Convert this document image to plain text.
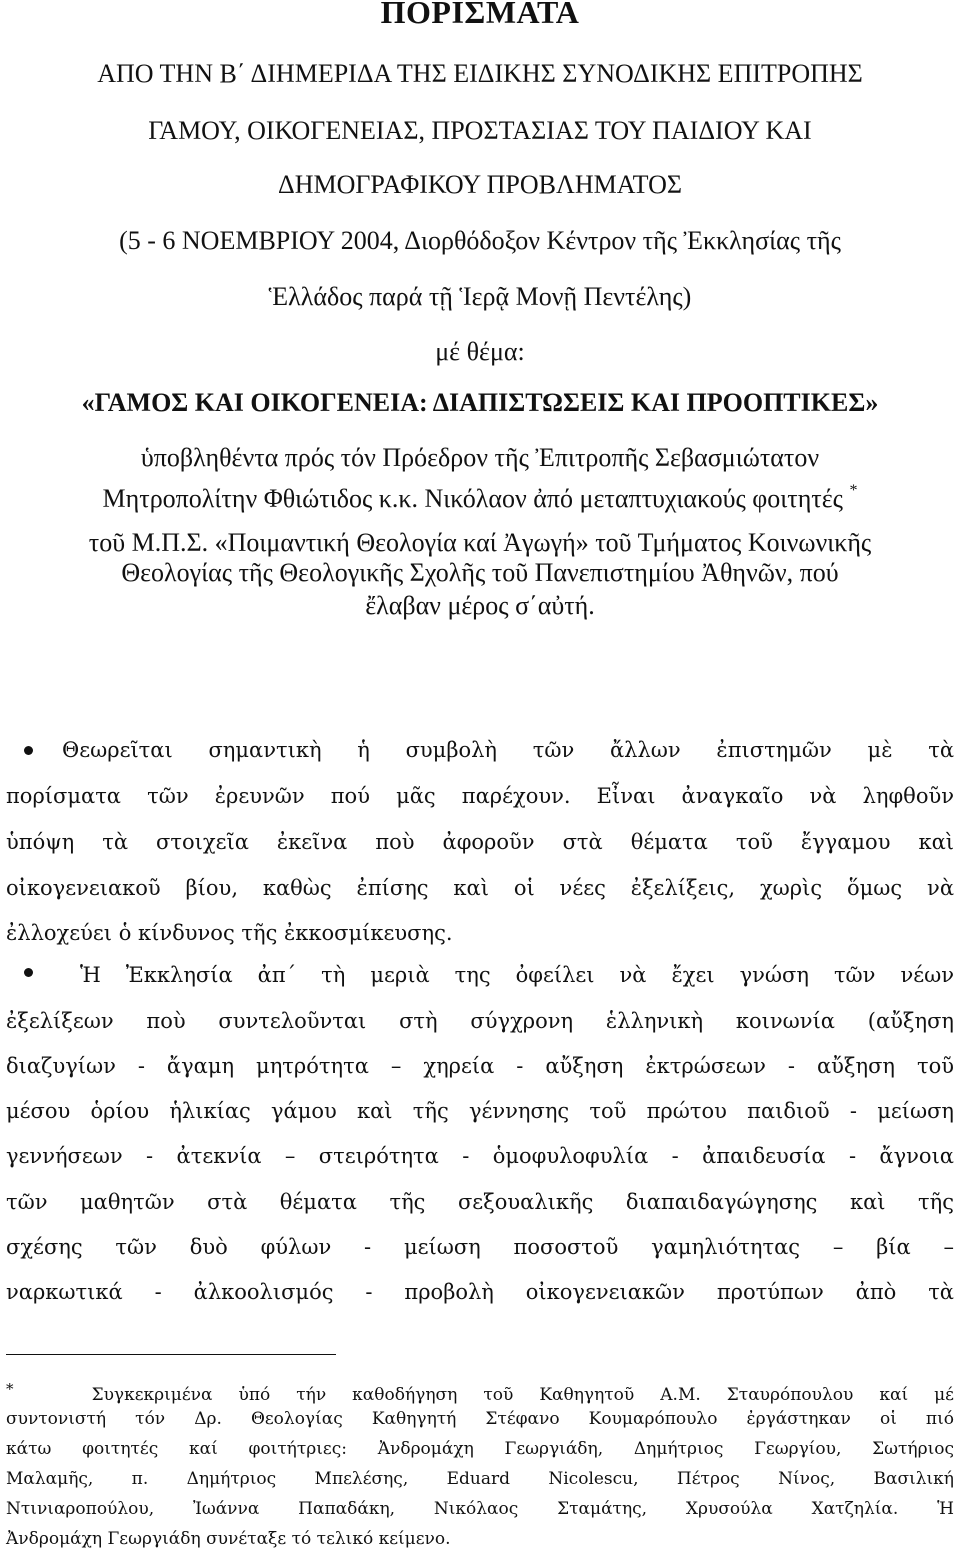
ΠΟΡΙΣΜΑΤΑ
ΑΠΟ ΤΗΝ Β΄ ΔΙΗΜΕΡΙΔΑ ΤΗΣ ΕΙΔΙΚΗΣ ΣΥΝΟΔΙΚΗΣ ΕΠΙΤΡΟΠΗΣ
ΓΑΜΟΥ, ΟΙΚΟΓΕΝΕΙΑΣ, ΠΡΟΣΤΑΣΙΑΣ ΤΟΥ ΠΑΙΔΙΟΥ ΚΑΙ
ΔΗΜΟΓΡΑΦΙΚΟΥ ΠΡΟΒΛΗΜΑΤΟΣ
(5 - 6 ΝΟΕΜΒΡΙΟΥ 2004, Διορθόδοξον Κέντρον τῆς Ἐκκλησίας τῆς
Ἑλλάδος παρά τῇ Ἱερᾷ Μονῇ Πεντέλης)
μέ θέμα:
«ΓΑΜΟΣ ΚΑΙ ΟΙΚΟΓΕΝΕΙΑ: ΔΙΑΠΙΣΤΩΣΕΙΣ ΚΑΙ ΠΡΟΟΠΤΙΚΕΣ»
ὑποβληθέντα πρός τόν Πρόεδρον τῆς Ἐπιτροπῆς Σεβασμιώτατον
Μητροπολίτην Φθιώτιδος κ.κ. Νικόλαον ἀπό μεταπτυχιακούς φοιτητές *
τοῦ Μ.Π.Σ. «Ποιμαντική Θεολογία καί Ἀγωγή» τοῦ Τμήματος Κοινωνικῆς
Θεολογίας τῆς Θεολογικῆς Σχολῆς τοῦ Πανεπιστημίου Ἀθηνῶν, πού
ἔλαβαν μέρος σ΄αὐτή.
Θεωρεῖται σημαντικὴ ἡ συμβολὴ τῶν ἄλλων ἐπιστημῶν μὲ τὰ
πορίσματα τῶν ἐρευνῶν πού μᾶς παρέχουν. Εἶναι ἀναγκαῖο νὰ ληφθοῦν
ὑπόψη τὰ στοιχεῖα ἐκεῖνα ποὺ ἀφοροῦν στὰ θέματα τοῦ ἔγγαμου καὶ
οἰκογενειακοῦ βίου, καθὼς ἐπίσης καὶ οἱ νέες ἐξελίξεις, χωρὶς ὅμως νὰ
ἐλλοχεύει ὁ κίνδυνος τῆς ἐκκοσμίκευσης.
Ἡ Ἐκκλησία ἀπ΄ τὴ μεριὰ της ὀφείλει νὰ ἔχει γνώση τῶν νέων
ἐξελίξεων ποὺ συντελοῦνται στὴ σύγχρονη ἑλληνικὴ κοινωνία (αὔξηση
διαζυγίων - ἄγαμη μητρότητα – χηρεία - αὔξηση ἐκτρώσεων - αὔξηση τοῦ
μέσου ὁρίου ἡλικίας γάμου καὶ τῆς γέννησης τοῦ πρώτου παιδιοῦ - μείωση
γεννήσεων - ἀτεκνία – στειρότητα - ὁμοφυλοφυλία - ἀπαιδευσία - ἄγνοια
τῶν μαθητῶν στὰ θέματα τῆς σεξουαλικῆς διαπαιδαγώγησης καὶ τῆς
σχέσης τῶν δυὸ φύλων - μείωση ποσοστοῦ γαμηλιότητας – βία –
ναρκωτικά - ἀλκοολισμός - προβολὴ οἰκογενειακῶν προτύπων ἀπὸ τὰ
*	Συγκεκριμένα ὑπό τήν καθοδήγηση τοῦ Καθηγητοῦ Α.Μ. Σταυρόπουλου καί μέ
συντονιστή τόν Δρ. Θεολογίας Καθηγητή Στέφανο Κουμαρόπουλο ἐργάστηκαν οἱ πιό
κάτω φοιτητές καί φοιτήτριες: Ἀνδρομάχη Γεωργιάδη, Δημήτριος Γεωργίου, Σωτήριος
Μαλαμῆς, π. Δημήτριος Μπελέσης, Eduard Nicolescu, Πέτρος Νίνος, Βασιλική
Ντινιαροπούλου, Ἰωάννα Παπαδάκη, Νικόλαος Σταμάτης, Χρυσούλα Χατζηλία. Ἡ
Ἀνδρομάχη Γεωργιάδη συνέταξε τό τελικό κείμενο.
